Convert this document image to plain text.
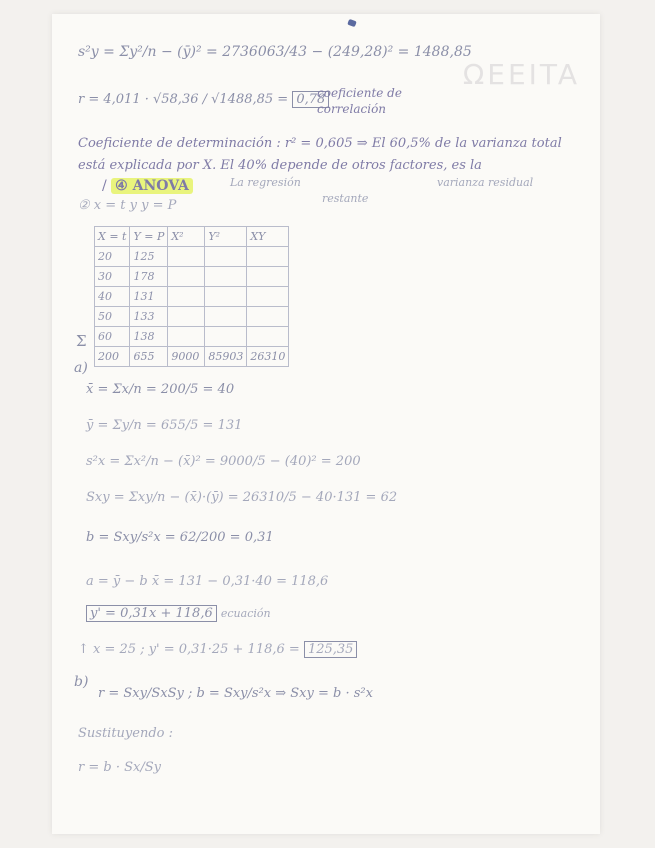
ΩEEITA
s²y = Σy²/n − (ȳ)² = 2736063/43 − (249,28)² = 1488,85
r = 4,011 · √58,36 / √1488,85 = 0,78
coeficiente de
correlación
Coeficiente de determinación : r² = 0,605 ⇒ El 60,5% de la varianza total
está explicada por X. El 40% depende de otros factores, es la
varianza residual
La regresión
restante
/ ④ ANOVA
② x = t y y = P
X = t	Y = P	X²	Y²	XY
20	125			
30	178			
40	131			
50	133			
60	138			
200	655	9000	85903	26310
Σ
a)
x̄ = Σx/n = 200/5 = 40
ȳ = Σy/n = 655/5 = 131
s²x = Σx²/n − (x̄)² = 9000/5 − (40)² = 200
Sxy = Σxy/n − (x̄)·(ȳ) = 26310/5 − 40·131 = 62
b = Sxy/s²x = 62/200 = 0,31
a = ȳ − b x̄ = 131 − 0,31·40 = 118,6
y' = 0,31x + 118,6 ecuación
↑ x = 25 ; y' = 0,31·25 + 118,6 = 125,35
b)
r = Sxy/SxSy ; b = Sxy/s²x ⇒ Sxy = b · s²x
Sustituyendo :
r = b · Sx/Sy
